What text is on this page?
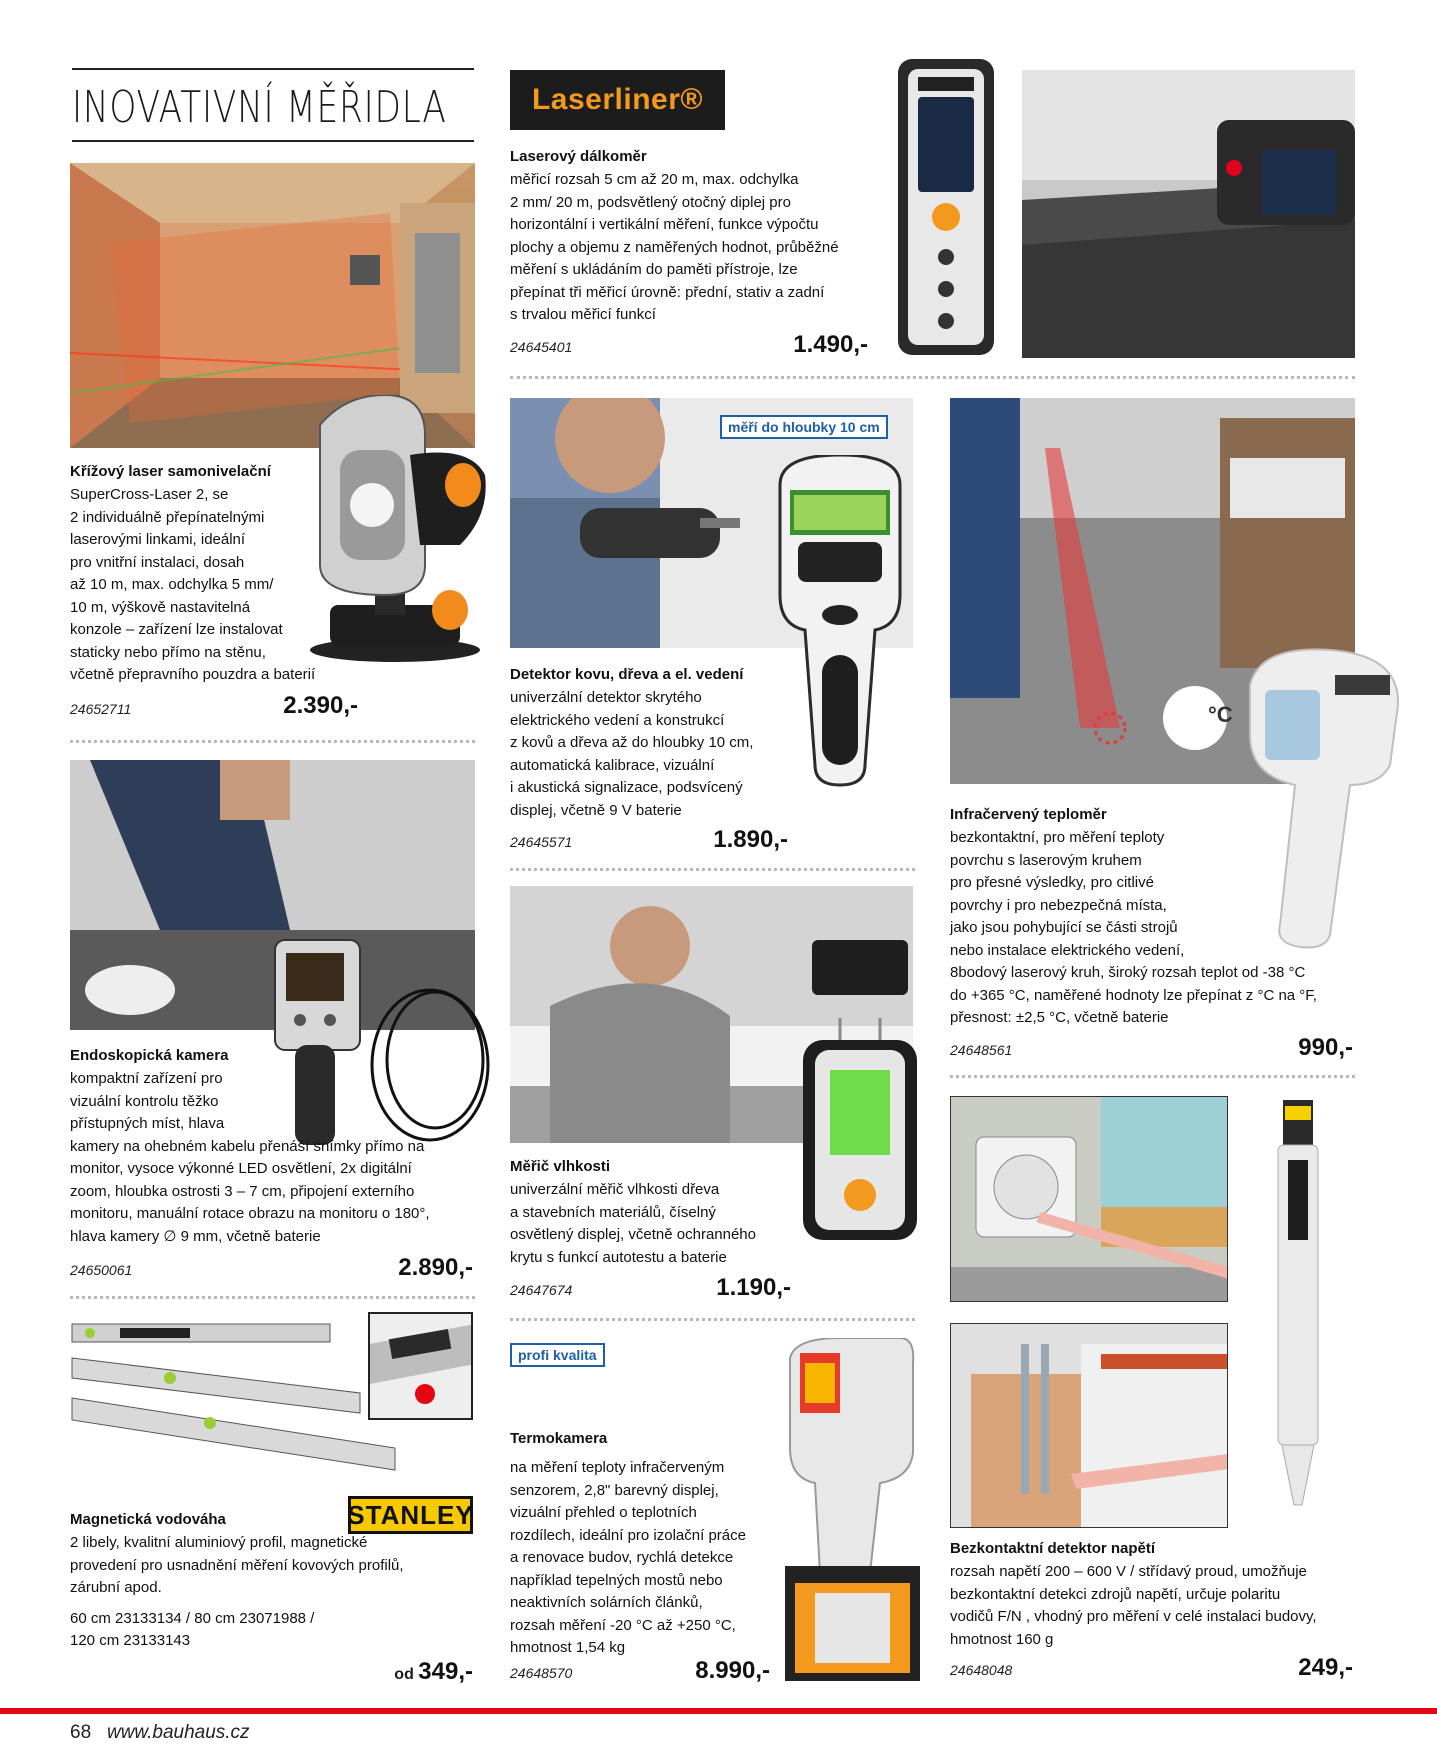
INOVATIVNÍ MĚŘIDLA	Laserliner®
Křížový laser samonivelační
SuperCross-Laser 2, se
2 individuálně přepínatelnými
laserovými linkami, ideální
pro vnitřní instalaci, dosah
až 10 m, max. odchylka 5 mm/
10 m, výškově nastavitelná
konzole – zařízení lze instalovat
staticky nebo přímo na stěnu,
včetně přepravního pouzdra a baterií
24652711	2.390,-
Laserový dálkoměr
měřicí rozsah 5 cm až 20 m, max. odchylka
2 mm/ 20 m, podsvětlený otočný diplej pro
horizontální i vertikální měření, funkce výpočtu
plochy a objemu z naměřených hodnot, průběžné
měření s ukládáním do paměti přístroje, lze
přepínat tři měřicí úrovně: přední, stativ a zadní
s trvalou měřicí funkcí
24645401	1.490,-
měří do hloubky 10 cm
Detektor kovu, dřeva a el. vedení
univerzální detektor skrytého
elektrického vedení a konstrukcí
z kovů a dřeva až do hloubky 10 cm,
automatická kalibrace, vizuální
i akustická signalizace, podsvícený
displej, včetně 9 V baterie
24645571	1.890,-
°C
Infračervený teploměr
bezkontaktní, pro měření teploty
povrchu s laserovým kruhem
pro přesné výsledky, pro citlivé
povrchy i pro nebezpečná místa,
jako jsou pohybující se části strojů
nebo instalace elektrického vedení,
8bodový laserový kruh, široký rozsah teplot od -38 °C
do +365 °C, naměřené hodnoty lze přepínat z °C na °F,
přesnost: ±2,5 °C, včetně baterie
24648561	990,-
Endoskopická kamera
kompaktní zařízení pro
vizuální kontrolu těžko
přístupných míst, hlava
kamery na ohebném kabelu přenáší snímky přímo na
monitor, vysoce výkonné LED osvětlení, 2x digitální
zoom, hloubka ostrosti 3 – 7 cm, připojení externího
monitoru, manuální rotace obrazu na monitoru o 180°,
hlava kamery ∅ 9 mm, včetně baterie
24650061	2.890,-
Měřič vlhkosti
univerzální měřič vlhkosti dřeva
a stavebních materiálů, číselný
osvětlený displej, včetně ochranného
krytu s funkcí autotestu a baterie
24647674	1.190,-
STANLEY
Magnetická vodováha
2 libely, kvalitní aluminiový profil, magnetické
provedení pro usnadnění měření kovových profilů,
zárubní apod.
60 cm 23133134 / 80 cm 23071988 /
120 cm 23133143
od 349,-
profi kvalita
Termokamera
na měření teploty infračerveným
senzorem, 2,8" barevný displej,
vizuální přehled o teplotních
rozdílech, ideální pro izolační práce
a renovace budov, rychlá detekce
například tepelných mostů nebo
neaktivních solárních článků,
rozsah měření -20 °C až +250 °C,
hmotnost 1,54 kg
24648570	8.990,-
Bezkontaktní detektor napětí
rozsah napětí 200 – 600 V / střídavý proud, umožňuje
bezkontaktní detekci zdrojů napětí, určuje polaritu
vodičů F/N , vhodný pro měření v celé instalaci budovy,
hmotnost 160 g
24648048	249,-
68 www.bauhaus.cz
